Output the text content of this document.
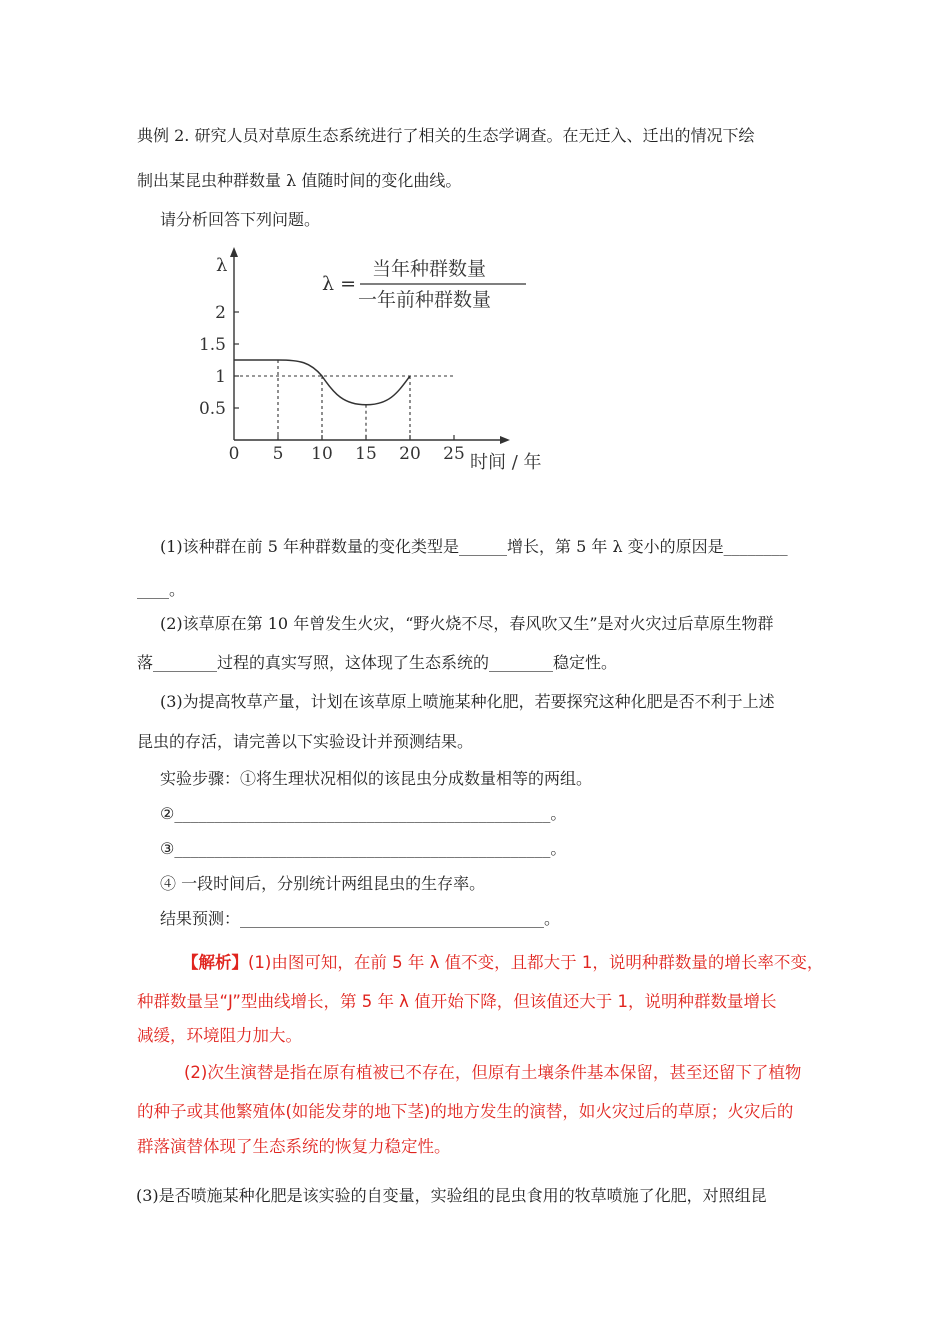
典例 2. 研究人员对草原生态系统进行了相关的生态学调查。在无迁入、迁出的情况下绘
制出某昆虫种群数量 λ 值随时间的变化曲线。
请分析回答下列问题。
0 5 10 15 20 25
0.5
1
1.5
2
λ
时间 / 年
λ =
当年种群数量
一年前种群数量
(1)该种群在前 5 年种群数量的变化类型是______增长，第 5 年 λ 变小的原因是________
____。
(2)该草原在第 10 年曾发生火灾，“野火烧不尽，春风吹又生”是对火灾过后草原生物群
落________过程的真实写照，这体现了生态系统的________稳定性。
(3)为提高牧草产量，计划在该草原上喷施某种化肥，若要探究这种化肥是否不利于上述
昆虫的存活，请完善以下实验设计并预测结果。
实验步骤：①将生理状况相似的该昆虫分成数量相等的两组。
②_______________________________________________。
③_______________________________________________。
④ 一段时间后，分别统计两组昆虫的生存率。
结果预测：______________________________________。
【解析】(1)由图可知，在前 5 年 λ 值不变，且都大于 1，说明种群数量的增长率不变，
种群数量呈“J”型曲线增长，第 5 年 λ 值开始下降，但该值还大于 1，说明种群数量增长
减缓，环境阻力加大。
(2)次生演替是指在原有植被已不存在，但原有土壤条件基本保留，甚至还留下了植物
的种子或其他繁殖体(如能发芽的地下茎)的地方发生的演替，如火灾过后的草原；火灾后的
群落演替体现了生态系统的恢复力稳定性。
(3)是否喷施某种化肥是该实验的自变量，实验组的昆虫食用的牧草喷施了化肥，对照组昆
